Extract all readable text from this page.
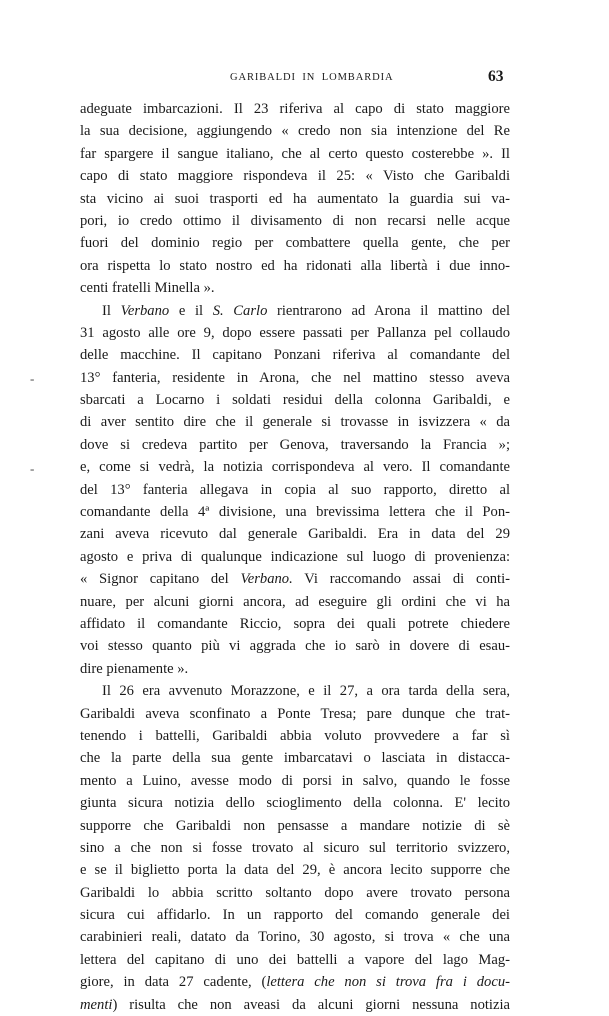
GARIBALDI IN LOMBARDIA	63
-
-
adeguate imbarcazioni. Il 23 riferiva al capo di stato maggiore
la sua decisione, aggiungendo « credo non sia intenzione del Re
far spargere il sangue italiano, che al certo questo costerebbe ». Il
capo di stato maggiore rispondeva il 25: « Visto che Garibaldi
sta vicino ai suoi trasporti ed ha aumentato la guardia sui va-
pori, io credo ottimo il divisamento di non recarsi nelle acque
fuori del dominio regio per combattere quella gente, che per
ora rispetta lo stato nostro ed ha ridonati alla libertà i due inno-
centi fratelli Minella ».
Il Verbano e il S. Carlo rientrarono ad Arona il mattino del
31 agosto alle ore 9, dopo essere passati per Pallanza pel collaudo
delle macchine. Il capitano Ponzani riferiva al comandante del
13° fanteria, residente in Arona, che nel mattino stesso aveva
sbarcati a Locarno i soldati residui della colonna Garibaldi, e
di aver sentito dire che il generale si trovasse in isvizzera « da
dove si credeva partito per Genova, traversando la Francia »;
e, come si vedrà, la notizia corrispondeva al vero. Il comandante
del 13° fanteria allegava in copia al suo rapporto, diretto al
comandante della 4ª divisione, una brevissima lettera che il Pon-
zani aveva ricevuto dal generale Garibaldi. Era in data del 29
agosto e priva di qualunque indicazione sul luogo di provenienza:
« Signor capitano del Verbano. Vi raccomando assai di conti-
nuare, per alcuni giorni ancora, ad eseguire gli ordini che vi ha
affidato il comandante Riccio, sopra dei quali potrete chiedere
voi stesso quanto più vi aggrada che io sarò in dovere di esau-
dire pienamente ».
Il 26 era avvenuto Morazzone, e il 27, a ora tarda della sera,
Garibaldi aveva sconfinato a Ponte Tresa; pare dunque che trat-
tenendo i battelli, Garibaldi abbia voluto provvedere a far sì
che la parte della sua gente imbarcatavi o lasciata in distacca-
mento a Luino, avesse modo di porsi in salvo, quando le fosse
giunta sicura notizia dello scioglimento della colonna. E' lecito
supporre che Garibaldi non pensasse a mandare notizie di sè
sino a che non si fosse trovato al sicuro sul territorio svizzero,
e se il biglietto porta la data del 29, è ancora lecito supporre che
Garibaldi lo abbia scritto soltanto dopo avere trovato persona
sicura cui affidarlo. In un rapporto del comando generale dei
carabinieri reali, datato da Torino, 30 agosto, si trova « che una
lettera del capitano di uno dei battelli a vapore del lago Mag-
giore, in data 27 cadente, (lettera che non si trova fra i docu-
menti) risulta che non aveasi da alcuni giorni nessuna notizia
